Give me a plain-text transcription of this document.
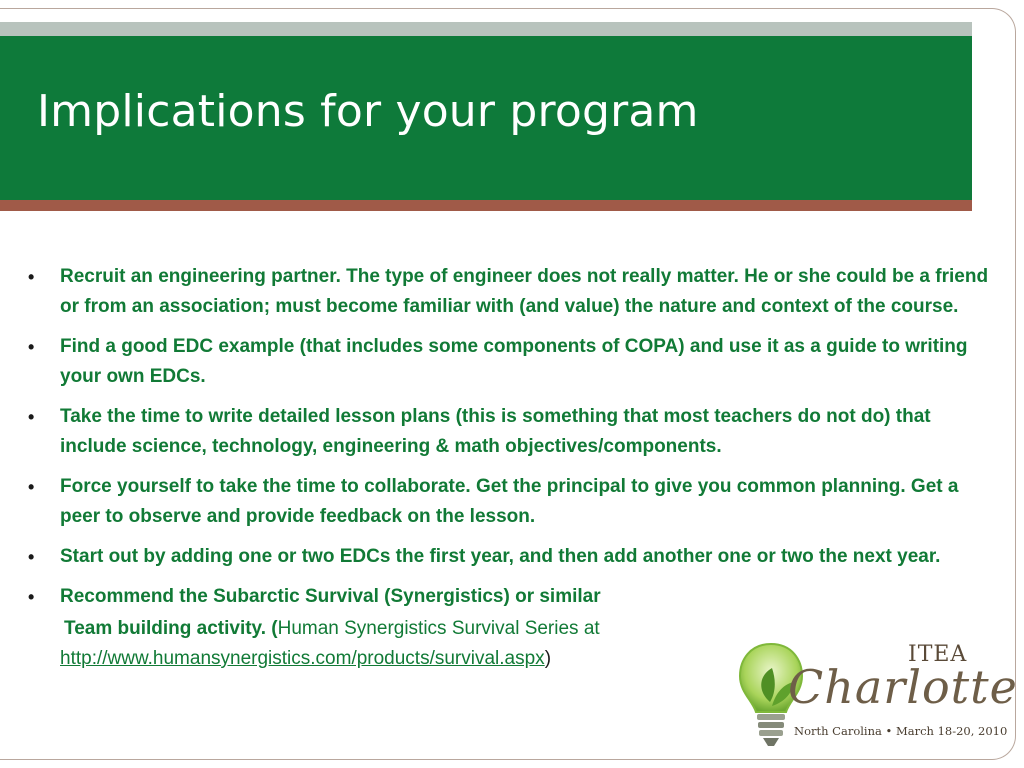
Implications for your program
• Recruit an engineering partner. The type of engineer does not really matter. He or she could be a friend or from an association; must become familiar with (and value) the nature and context of the course.
• Find a good EDC example (that includes some components of COPA) and use it as a guide to writing your own EDCs.
• Take the time to write detailed lesson plans (this is something that most teachers do not do) that include science, technology, engineering & math objectives/components.
• Force yourself to take the time to collaborate. Get the principal to give you common planning. Get a peer to observe and provide feedback on the lesson.
• Start out by adding one or two EDCs the first year, and then add another one or two the next year.
• Recommend the Subarctic Survival (Synergistics) or similar
Team building activity. (Human Synergistics Survival Series at
http://www.humansynergistics.com/products/survival.aspx)	ITEA
Charlotte
North Carolina • March 18-20, 2010
